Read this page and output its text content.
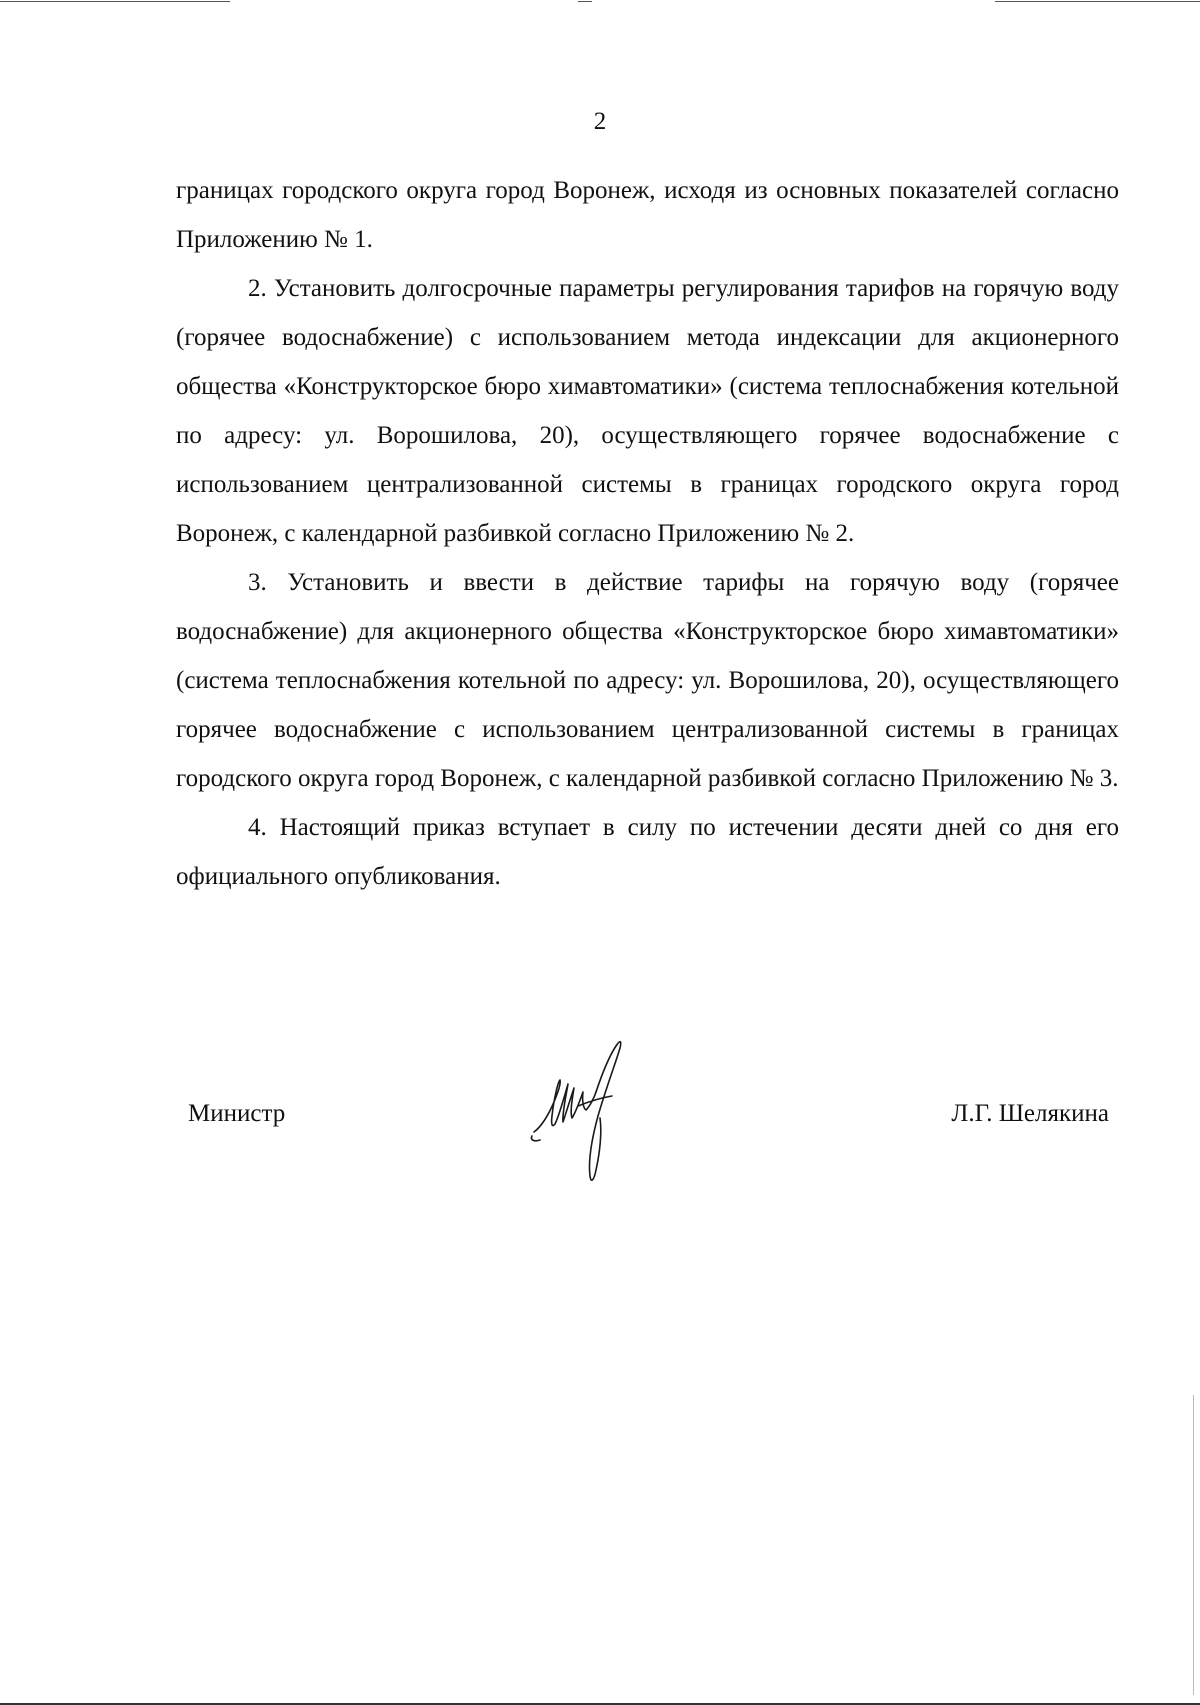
2

границах городского округа город Воронеж, исходя из основных показателей согласно Приложению № 1.

2. Установить долгосрочные параметры регулирования тарифов на горячую воду (горячее водоснабжение) с использованием метода индексации для акционерного общества «Конструкторское бюро химавтоматики» (система теплоснабжения котельной по адресу: ул. Ворошилова, 20), осуществляющего горячее водоснабжение с использованием централизованной системы в границах городского округа город Воронеж, с календарной разбивкой согласно Приложению № 2.

3. Установить и ввести в действие тарифы на горячую воду (горячее водоснабжение) для акционерного общества «Конструкторское бюро химавтоматики» (система теплоснабжения котельной по адресу: ул. Ворошилова, 20), осуществляющего горячее водоснабжение с использованием централизованной системы в границах городского округа город Воронеж, с календарной разбивкой согласно Приложению № 3.

4. Настоящий приказ вступает в силу по истечении десяти дней со дня его официального опубликования.

Министр	Л.Г. Шелякина
